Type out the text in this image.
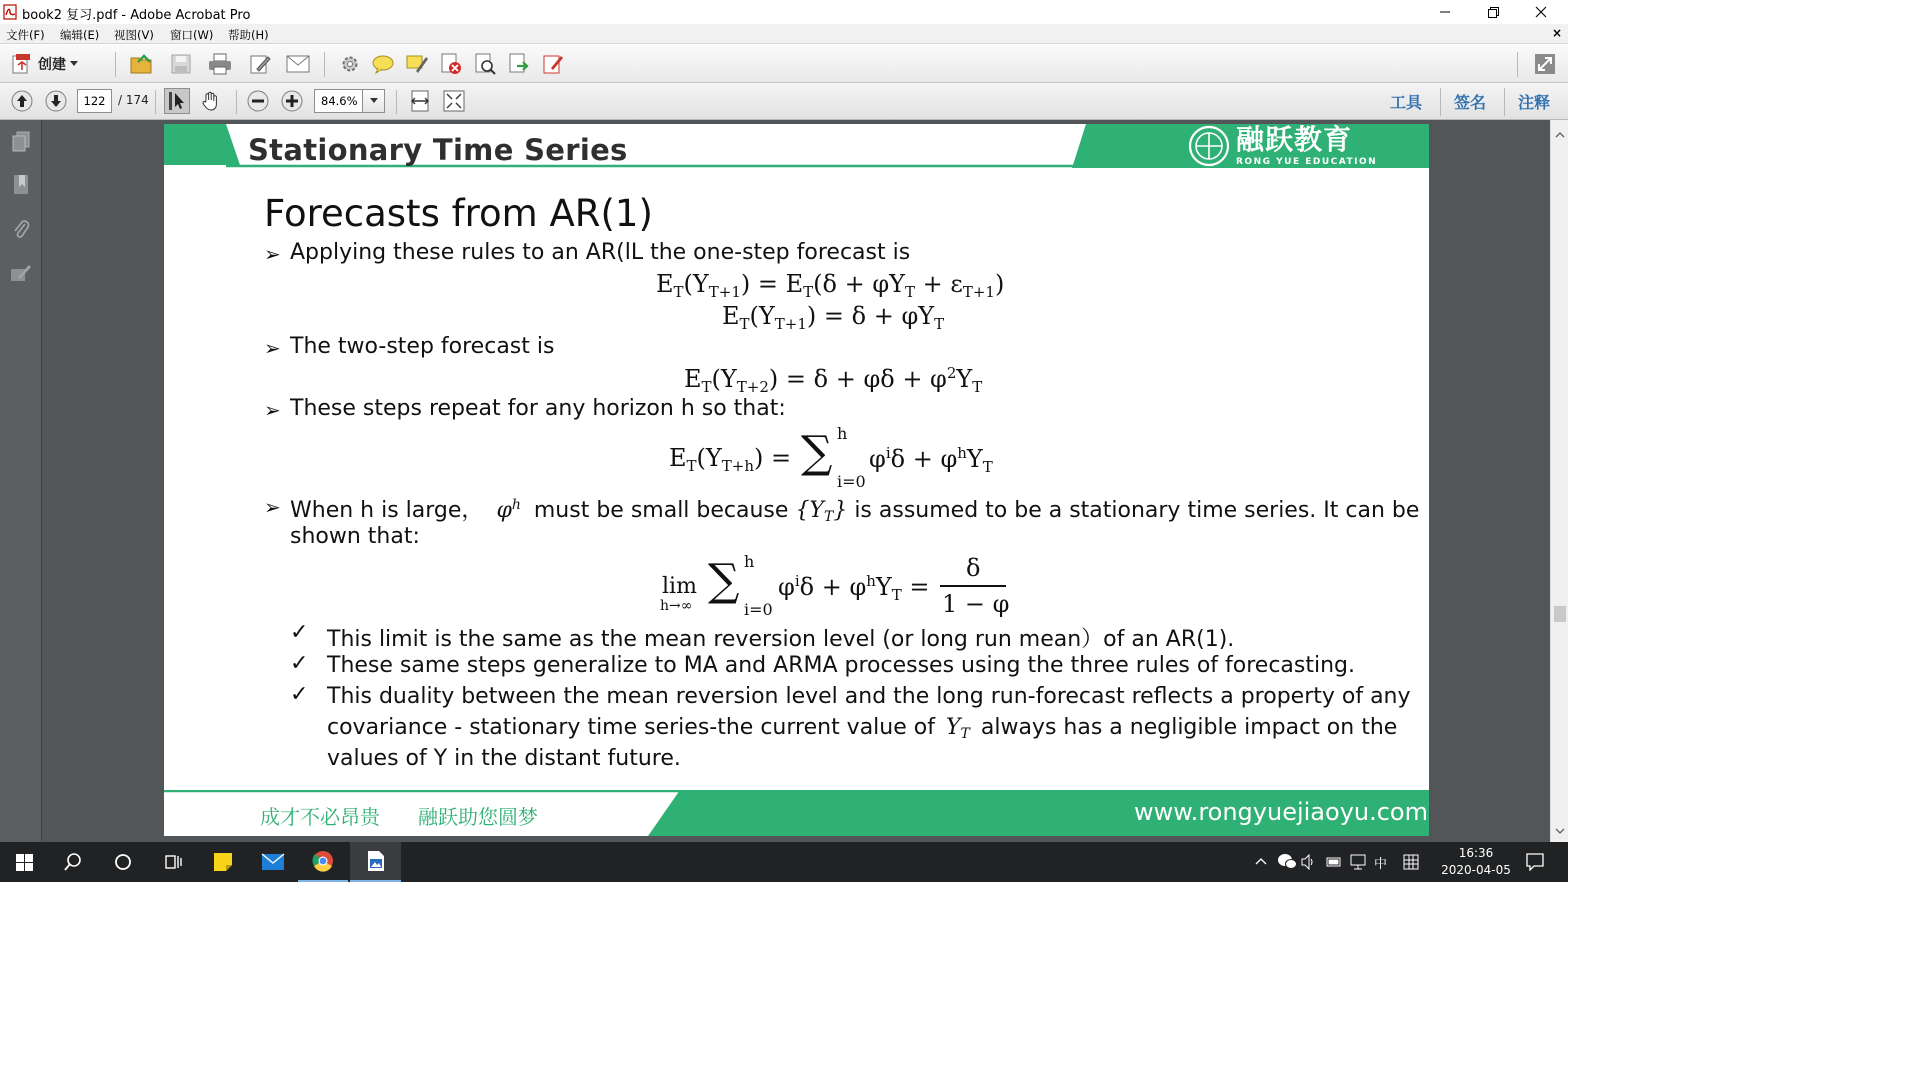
book2 复习.pdf - Adobe Acrobat Pro
文件(F) 编辑(E) 视图(V) 窗口(W) 帮助(H)	×
创建
122	/ 174	84.6%	工具 签名 注释
Stationary Time Series	融跃教育
RONG YUE EDUCATION
Forecasts from AR(1)
➢ Applying these rules to an AR(lL the one-step forecast is
$E_T(Y_{T+1}) = E_T(\delta + \varphi Y_T + \varepsilon_{T+1})$
$E_T(Y_{T+1}) = \delta + \varphi Y_T$
➢ The two-step forecast is
$E_T(Y_{T+2}) = \delta + \varphi\delta + \varphi^2Y_T$
➢ These steps repeat for any horizon h so that:
$E_T(Y_{T+h})$ = ∑ h
i=0
$\varphi^i\delta + \varphi^hY_T$
➢ When h is large， $\varphi^h$ must be small because $\{Y_T\}$ is assumed to be a stationary time series. It can be
shown that:
lim
h→∞ ∑ h
i=0
$\varphi^i\delta + \varphi^hY_T$ =
δ
1 − φ
✓ This limit is the same as the mean reversion level (or long run mean）of an AR(1).
✓ These same steps generalize to MA and ARMA processes using the three rules of forecasting.
✓ This duality between the mean reversion level and the long run-forecast reflects a property of any
covariance - stationary time series-the current value of $Y_T$ always has a negligible impact on the
values of Y in the distant future.
成才不必昂贵 融跃助您圆梦	www.rongyuejiaoyu.com
中
16:36
2020-04-05
